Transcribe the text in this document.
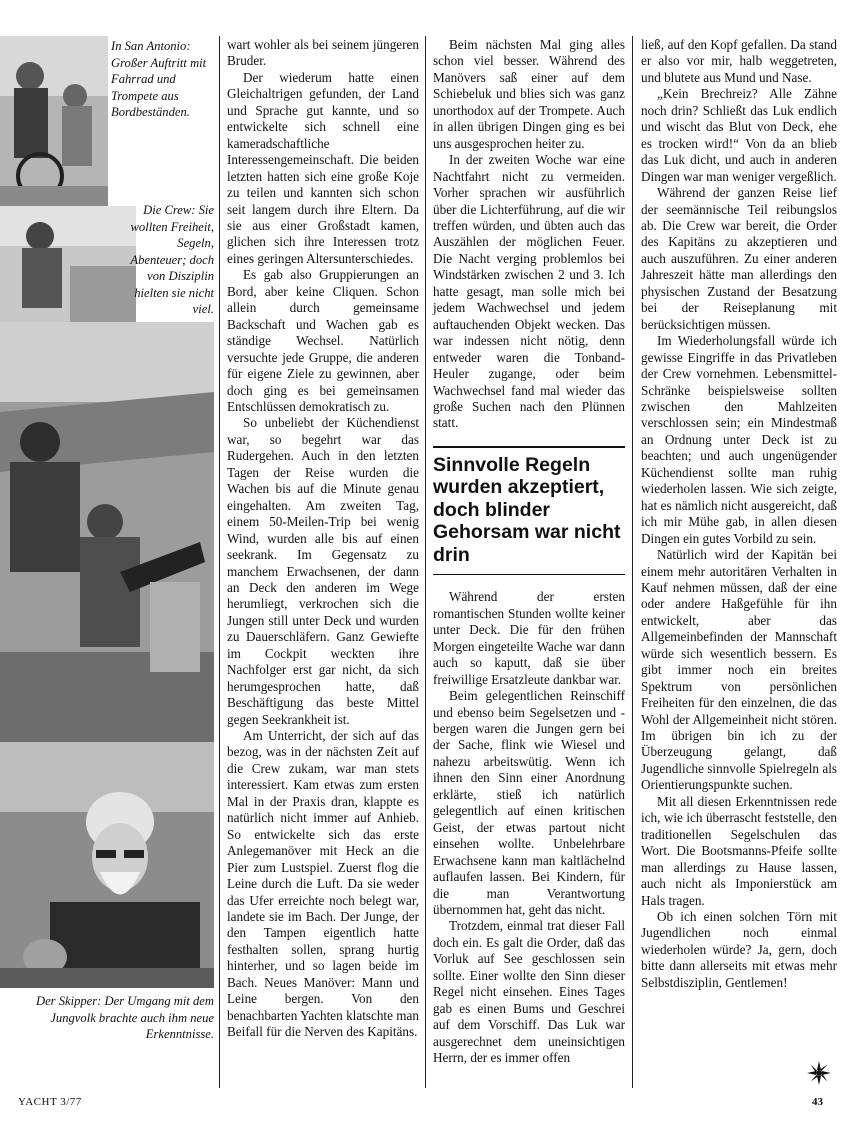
In San Antonio: Großer Auftritt mit Fahrrad und Trompete aus Bordbeständen.
Die Crew: Sie wollten Freiheit, Segeln, Abenteuer; doch von Disziplin hielten sie nicht viel.
Der Skipper: Der Umgang mit dem Jungvolk brachte auch ihm neue Erkenntnisse.

wart wohler als bei seinem jüngeren Bruder.

Der wiederum hatte einen Gleichaltrigen gefunden, der Land und Sprache gut kannte, und so entwickelte sich schnell eine kameradschaftliche Interessengemeinschaft. Die beiden letzten hatten sich eine große Koje zu teilen und kannten sich schon seit langem durch ihre Eltern. Da sie aus einer Großstadt kamen, glichen sich ihre Interessen trotz eines geringen Altersunterschiedes.

Es gab also Gruppierungen an Bord, aber keine Cliquen. Schon allein durch gemeinsame Backschaft und Wachen gab es ständige Wechsel. Natürlich versuchte jede Gruppe, die anderen für eigene Ziele zu gewinnen, aber doch ging es bei gemeinsamen Entschlüssen demokratisch zu.

So unbeliebt der Küchendienst war, so begehrt war das Rudergehen. Auch in den letzten Tagen der Reise wurden die Wachen bis auf die Minute genau eingehalten. Am zweiten Tag, einem 50-Meilen-Trip bei wenig Wind, wurden alle bis auf einen seekrank. Im Gegensatz zu manchem Erwachsenen, der dann an Deck den anderen im Wege herumliegt, verkrochen sich die Jungen still unter Deck und wurden zu Dauerschläfern. Ganz Gewiefte im Cockpit weckten ihre Nachfolger erst gar nicht, da sich herumgesprochen hatte, daß Beschäftigung das beste Mittel gegen Seekrankheit ist.

Am Unterricht, der sich auf das bezog, was in der nächsten Zeit auf die Crew zukam, war man stets interessiert. Kam etwas zum ersten Mal in der Praxis dran, klappte es natürlich nicht immer auf Anhieb. So entwickelte sich das erste Anlegemanöver mit Heck an die Pier zum Lustspiel. Zuerst flog die Leine durch die Luft. Da sie weder das Ufer erreichte noch belegt war, landete sie im Bach. Der Junge, der den Tampen eigentlich hatte festhalten sollen, sprang hurtig hinterher, und so lagen beide im Bach. Neues Manöver: Mann und Leine bergen. Von den benachbarten Yachten klatschte man Beifall für die Nerven des Kapitäns.

Beim nächsten Mal ging alles schon viel besser. Während des Manövers saß einer auf dem Schiebeluk und blies sich was ganz unorthodox auf der Trompete. Auch in allen übrigen Dingen ging es bei uns ausgesprochen heiter zu.

In der zweiten Woche war eine Nachtfahrt nicht zu vermeiden. Vorher sprachen wir ausführlich über die Lichterführung, auf die wir treffen würden, und übten auch das Auszählen der möglichen Feuer. Die Nacht verging problemlos bei Windstärken zwischen 2 und 3. Ich hatte gesagt, man solle mich bei jedem Wachwechsel und jedem auftauchenden Objekt wecken. Das war indessen nicht nötig, denn entweder waren die Tonband-Heuler zugange, oder beim Wachwechsel fand mal wieder das große Suchen nach den Plünnen statt.

Sinnvolle Regeln wurden akzeptiert, doch blinder Gehorsam war nicht drin

Während der ersten romantischen Stunden wollte keiner unter Deck. Die für den frühen Morgen eingeteilte Wache war dann auch so kaputt, daß sie über freiwillige Ersatzleute dankbar war.

Beim gelegentlichen Reinschiff und ebenso beim Segelsetzen und -bergen waren die Jungen gern bei der Sache, flink wie Wiesel und nahezu arbeitswütig. Wenn ich ihnen den Sinn einer Anordnung erklärte, stieß ich natürlich gelegentlich auf einen kritischen Geist, der etwas partout nicht einsehen wollte. Unbelehrbare Erwachsene kann man kaltlächelnd auflaufen lassen. Bei Kindern, für die man Verantwortung übernommen hat, geht das nicht.

Trotzdem, einmal trat dieser Fall doch ein. Es galt die Order, daß das Vorluk auf See geschlossen sein sollte. Einer wollte den Sinn dieser Regel nicht einsehen. Eines Tages gab es einen Bums und Geschrei auf dem Vorschiff. Das Luk war ausgerechnet dem uneinsichtigen Herrn, der es immer offen

ließ, auf den Kopf gefallen. Da stand er also vor mir, halb weggetreten, und blutete aus Mund und Nase.

„Kein Brechreiz? Alle Zähne noch drin? Schließt das Luk endlich und wischt das Blut von Deck, ehe es trocken wird!“ Von da an blieb das Luk dicht, und auch in anderen Dingen war man weniger vergeßlich.

Während der ganzen Reise lief der seemännische Teil reibungslos ab. Die Crew war bereit, die Order des Kapitäns zu akzeptieren und auch auszuführen. Zu einer anderen Jahreszeit hätte man allerdings den physischen Zustand der Besatzung bei der Reiseplanung mit berücksichtigen müssen.

Im Wiederholungsfall würde ich gewisse Eingriffe in das Privatleben der Crew vornehmen. Lebensmittel-Schränke beispielsweise sollten zwischen den Mahlzeiten verschlossen sein; ein Mindestmaß an Ordnung unter Deck ist zu beachten; und auch ungenügender Küchendienst sollte man ruhig wiederholen lassen. Wie sich zeigte, hat es nämlich nicht ausgereicht, daß ich mir Mühe gab, in allen diesen Dingen ein gutes Vorbild zu sein.

Natürlich wird der Kapitän bei einem mehr autoritären Verhalten in Kauf nehmen müssen, daß der eine oder andere Haßgefühle für ihn entwickelt, aber das Allgemeinbefinden der Mannschaft würde sich wesentlich bessern. Es gibt immer noch ein breites Spektrum von persönlichen Freiheiten für den einzelnen, die das Wohl der Allgemeinheit nicht stören. Im übrigen bin ich zu der Überzeugung gelangt, daß Jugendliche sinnvolle Spielregeln als Orientierungspunkte suchen.

Mit all diesen Erkenntnissen rede ich, wie ich überrascht feststelle, den traditionellen Segelschulen das Wort. Die Bootsmanns-Pfeife sollte man allerdings zu Hause lassen, auch nicht als Imponierstück am Hals tragen.

Ob ich einen solchen Törn mit Jugendlichen noch einmal wiederholen würde? Ja, gern, doch bitte dann allerseits mit etwas mehr Selbstdisziplin, Gentlemen!

YACHT 3/77	43
